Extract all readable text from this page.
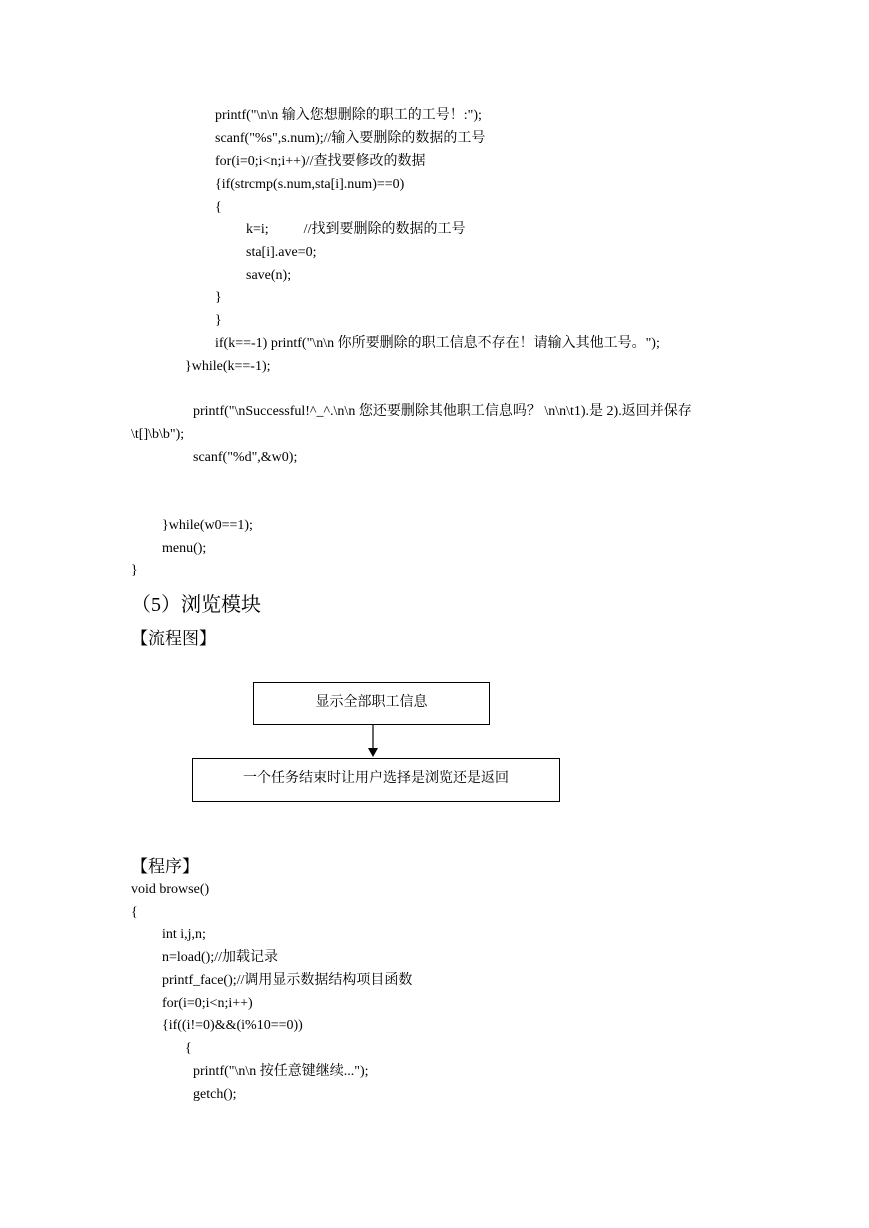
printf("\n\n 输入您想删除的职工的工号！:");
scanf("%s",s.num);//输入要删除的数据的工号
for(i=0;i<n;i++)//查找要修改的数据
{if(strcmp(s.num,sta[i].num)==0)
{
k=i;          //找到要删除的数据的工号
sta[i].ave=0;
save(n);
}
}
if(k==-1) printf("\n\n 你所要删除的职工信息不存在！请输入其他工号。");
}while(k==-1);
printf("\nSuccessful!^_^.\n\n 您还要删除其他职工信息吗？ \n\n\t1).是 2).返回并保存
\t[]\b\b");
scanf("%d",&w0);
}while(w0==1);
menu();
}
（5）浏览模块
【流程图】
显示全部职工信息
一个任务结束时让用户选择是浏览还是返回
【程序】
void browse()
{
int i,j,n;
n=load();//加载记录
printf_face();//调用显示数据结构项目函数
for(i=0;i<n;i++)
{if((i!=0)&&(i%10==0))
{
printf("\n\n 按任意键继续...");
getch();
